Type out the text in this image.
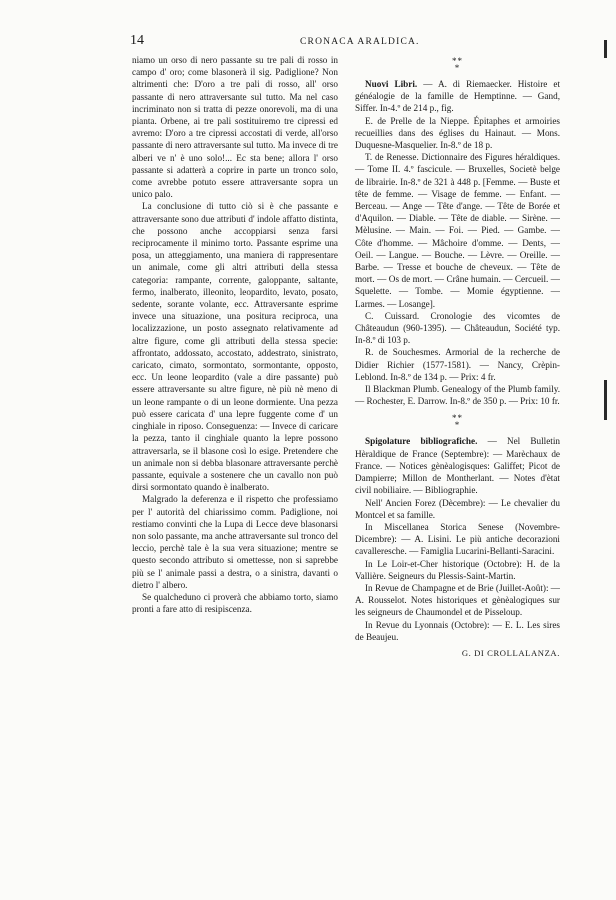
14	CRONACA ARALDICA.

niamo un orso di nero passante su tre pali di rosso in campo d' oro; come blasonerà il sig. Padiglione? Non altrimenti che: D'oro a tre pali di rosso, all' orso passante di nero attraversante sul tutto. Ma nel caso incriminato non si tratta di pezze onorevoli, ma di una pianta. Orbene, ai tre pali sostituiremo tre cipressi ed avremo: D'oro a tre cipressi accostati di verde, all'orso passante di nero attraversante sul tutto. Ma invece di tre alberi ve n' è uno solo!... Ec sta bene; allora l' orso passante si adatterà a coprire in parte un tronco solo, come avrebbe potuto essere attraversante sopra un unico palo.

La conclusione di tutto ciò si è che passante e attraversante sono due attributi d' indole affatto distinta, che possono anche accoppiarsi senza farsi reciprocamente il minimo torto. Passante esprime una posa, un atteggiamento, una maniera di rappresentare un animale, come gli altri attributi della stessa categoria: rampante, corrente, galoppante, saltante, fermo, inalberato, illeonito, leopardito, levato, posato, sedente, sorante volante, ecc. Attraversante esprime invece una situazione, una positura reciproca, una localizzazione, un posto assegnato relativamente ad altre figure, come gli attributi della stessa specie: affrontato, addossato, accostato, addestrato, sinistrato, caricato, cimato, sormontato, sormontante, opposto, ecc. Un leone leopardito (vale a dire passante) può essere attraversante su altre figure, nè più nè meno di un leone rampante o di un leone dormiente. Una pezza può essere caricata d' una lepre fuggente come d' un cinghiale in riposo. Conseguenza: — Invece di caricare la pezza, tanto il cinghiale quanto la lepre possono attraversarla, se il blasone così lo esige. Pretendere che un animale non si debba blasonare attraversante perchè passante, equivale a sostenere che un cavallo non può dirsi sormontato quando è inalberato.

Malgrado la deferenza e il rispetto che professiamo per l' autorità del chiarissimo comm. Padiglione, noi restiamo convinti che la Lupa di Lecce deve blasonarsi non solo passante, ma anche attraversante sul tronco del leccio, perchè tale è la sua vera situazione; mentre se questo secondo attributo si omettesse, non si saprebbe più se l' animale passi a destra, o a sinistra, davanti o dietro l' albero.

Se qualcheduno ci proverà che abbiamo torto, siamo pronti a fare atto di resipiscenza.

**
*

Nuovi Libri. — A. di Riemaecker. Histoire et généalogie de la famille de Hemptinne. — Gand, Siffer. In-4.º de 214 p., fig.

E. de Prelle de la Nieppe. Épitaphes et armoiries recueillies dans des églises du Hainaut. — Mons. Duquesne-Masquelier. In-8.º de 18 p.

T. de Renesse. Dictionnaire des Figures héraldiques. — Tome II. 4.º fascicule. — Bruxelles, Societè belge de librairie. In-8.º de 321 à 448 p. [Femme. — Buste et tête de femme. — Visage de femme. — Enfant. — Berceau. — Ange — Tête d'ange. — Tête de Borée et d'Aquilon. — Diable. — Tête de diable. — Sirène. — Mèlusine. — Main. — Foi. — Pied. — Gambe. — Côte d'homme. — Mâchoire d'omme. — Dents, — Oeil. — Langue. — Bouche. — Lèvre. — Oreille. — Barbe. — Tresse et bouche de cheveux. — Tête de mort. — Os de mort. — Crâne humain. — Cercueil. — Squelette. — Tombe. — Momie égyptienne. — Larmes. — Losange].

C. Cuissard. Cronologie des vicomtes de Châteaudun (960-1395). — Châteaudun, Société typ. In-8.º di 103 p.

R. de Souchesmes. Armorial de la recherche de Didier Richier (1577-1581). — Nancy, Crèpin-Leblond. In-8.º de 134 p. — Prix: 4 fr.

Il Blackman Plumb. Genealogy of the Plumb family. — Rochester, E. Darrow. In-8.º de 350 p. — Prix: 10 fr.

**
*

Spigolature bibliografiche. — Nel Bulletin Hèraldique de France (Septembre): — Marèchaux de France. — Notices gènèalogisques: Galiffet; Picot de Dampierre; Millon de Montherlant. — Notes d'ètat civil nobiliaire. — Bibliographie.

Nell' Ancien Forez (Dècembre): — Le chevalier du Montcel et sa famille.

In Miscellanea Storica Senese (Novembre-Dicembre): — A. Lisini. Le più antiche decorazioni cavalleresche. — Famiglia Lucarini-Bellanti-Saracini.

In Le Loir-et-Cher historique (Octobre): H. de la Vallière. Seigneurs du Plessis-Saint-Martin.

In Revue de Champagne et de Brie (Juillet-Août): — A. Rousselot. Notes historiques et gènèalogiques sur les seigneurs de Chaumondel et de Pisseloup.

In Revue du Lyonnais (Octobre): — E. L. Les sires de Beaujeu.

G. DI CROLLALANZA.
